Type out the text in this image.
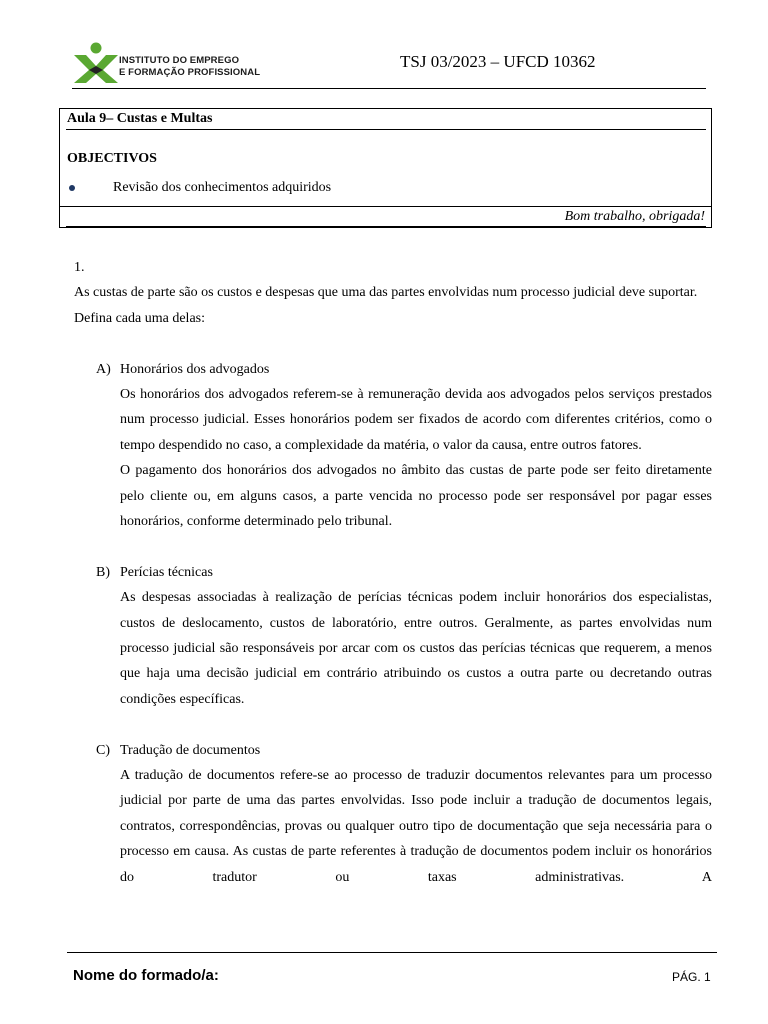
INSTITUTO DO EMPREGO
E FORMAÇÃO PROFISSIONAL
TSJ 03/2023 – UFCD 10362
Aula 9– Custas e Multas
OBJECTIVOS
Revisão dos conhecimentos adquiridos
Bom trabalho, obrigada!

1.

As custas de parte são os custos e despesas que uma das partes envolvidas num processo judicial deve suportar.

Defina cada uma delas:

A) Honorários dos advogados

Os honorários dos advogados referem-se à remuneração devida aos advogados pelos serviços prestados num processo judicial. Esses honorários podem ser fixados de acordo com diferentes critérios, como o tempo despendido no caso, a complexidade da matéria, o valor da causa, entre outros fatores.

O pagamento dos honorários dos advogados no âmbito das custas de parte pode ser feito diretamente pelo cliente ou, em alguns casos, a parte vencida no processo pode ser responsável por pagar esses honorários, conforme determinado pelo tribunal.

B) Perícias técnicas

As despesas associadas à realização de perícias técnicas podem incluir honorários dos especialistas, custos de deslocamento, custos de laboratório, entre outros. Geralmente, as partes envolvidas num processo judicial são responsáveis por arcar com os custos das perícias técnicas que requerem, a menos que haja uma decisão judicial em contrário atribuindo os custos a outra parte ou decretando outras condições específicas.

C) Tradução de documentos

A tradução de documentos refere-se ao processo de traduzir documentos relevantes para um processo judicial por parte de uma das partes envolvidas. Isso pode incluir a tradução de documentos legais, contratos, correspondências, provas ou qualquer outro tipo de documentação que seja necessária para o processo em causa. As custas de parte referentes à tradução de documentos podem incluir os honorários do tradutor ou taxas administrativas. A

Nome do formado/a:	PÁG. 1
